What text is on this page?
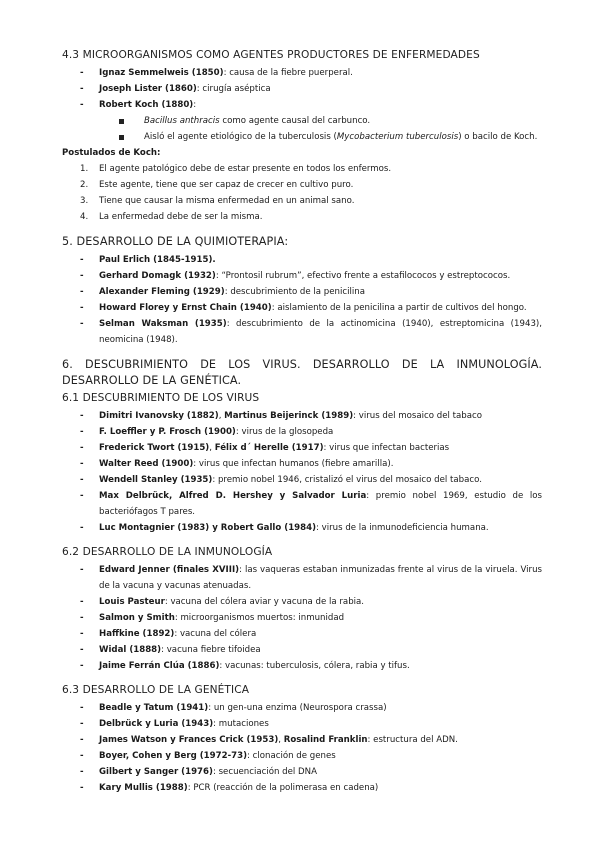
4.3 MICROORGANISMOS COMO AGENTES PRODUCTORES DE ENFERMEDADES
- Ignaz Semmelweis (1850): causa de la fiebre puerperal.
- Joseph Lister (1860): cirugía aséptica
- Robert Koch (1880):
Bacillus anthracis como agente causal del carbunco.
Aisló el agente etiológico de la tuberculosis (Mycobacterium tuberculosis) o bacilo de Koch.
Postulados de Koch:
1. El agente patológico debe de estar presente en todos los enfermos.
2. Este agente, tiene que ser capaz de crecer en cultivo puro.
3. Tiene que causar la misma enfermedad en un animal sano.
4. La enfermedad debe de ser la misma.
5. DESARROLLO DE LA QUIMIOTERAPIA:
- Paul Erlich (1845-1915).
- Gerhard Domagk (1932): “Prontosil rubrum”, efectivo frente a estafilococos y estreptococos.
- Alexander Fleming (1929): descubrimiento de la penicilina
- Howard Florey y Ernst Chain (1940): aislamiento de la penicilina a partir de cultivos del hongo.
- Selman Waksman (1935): descubrimiento de la actinomicina (1940), estreptomicina (1943), neomicina (1948).
6. DESCUBRIMIENTO DE LOS VIRUS. DESARROLLO DE LA INMUNOLOGÍA. DESARROLLO DE LA GENÉTICA.
6.1 DESCUBRIMIENTO DE LOS VIRUS
- Dimitri Ivanovsky (1882), Martinus Beijerinck (1989): virus del mosaico del tabaco
- F. Loeffler y P. Frosch (1900): virus de la glosopeda
- Frederick Twort (1915), Félix d´ Herelle (1917): virus que infectan bacterias
- Walter Reed (1900): virus que infectan humanos (fiebre amarilla).
- Wendell Stanley (1935): premio nobel 1946, cristalizó el virus del mosaico del tabaco.
- Max Delbrück, Alfred D. Hershey y Salvador Luria: premio nobel 1969, estudio de los bacteriófagos T pares.
- Luc Montagnier (1983) y Robert Gallo (1984): virus de la inmunodeficiencia humana.
6.2 DESARROLLO DE LA INMUNOLOGÍA
- Edward Jenner (finales XVIII): las vaqueras estaban inmunizadas frente al virus de la viruela. Virus de la vacuna y vacunas atenuadas.
- Louis Pasteur: vacuna del cólera aviar y vacuna de la rabia.
- Salmon y Smith: microorganismos muertos: inmunidad
- Haffkine (1892): vacuna del cólera
- Widal (1888): vacuna fiebre tifoidea
- Jaime Ferrán Clúa (1886): vacunas: tuberculosis, cólera, rabia y tifus.
6.3 DESARROLLO DE LA GENÉTICA
- Beadle y Tatum (1941): un gen-una enzima (Neurospora crassa)
- Delbrück y Luria (1943): mutaciones
- James Watson y Frances Crick (1953), Rosalind Franklin: estructura del ADN.
- Boyer, Cohen y Berg (1972-73): clonación de genes
- Gilbert y Sanger (1976): secuenciación del DNA
- Kary Mullis (1988): PCR (reacción de la polimerasa en cadena)
